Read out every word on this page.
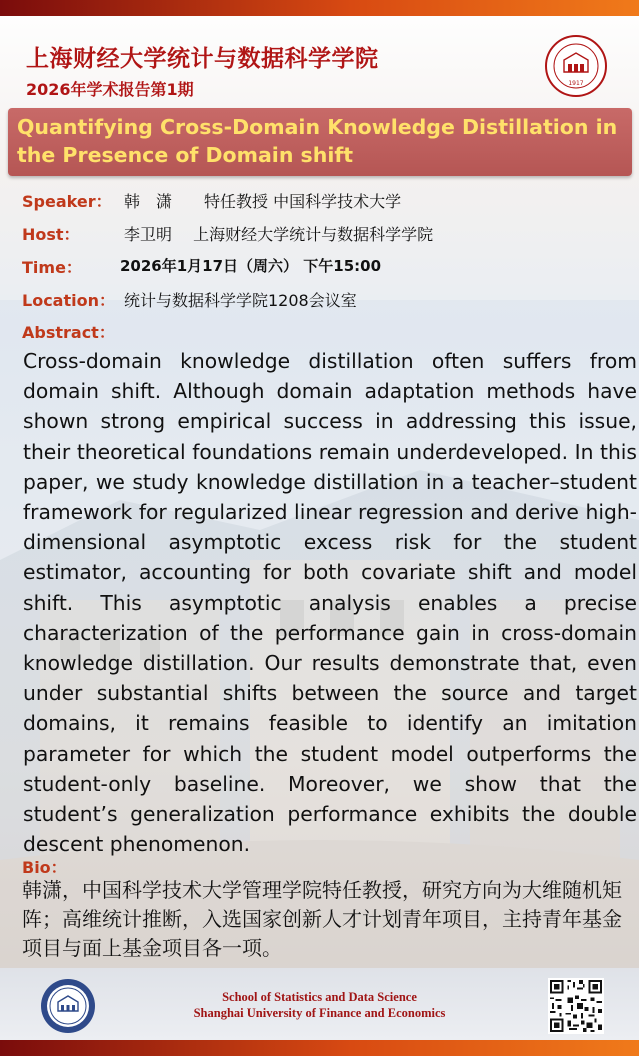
上海财经大学统计与数据科学学院
2026年学术报告第1期	1917
Quantifying Cross-Domain Knowledge Distillation in the Presence of Domain shift
Speaker： 韩　潇　　特任教授 中国科学技术大学
Host：	李卫明　 上海财经大学统计与数据科学学院
Time：	2026年1月17日（周六） 下午15:00
Location： 统计与数据科学学院1208会议室
Abstract：
Cross-domain knowledge distillation often suffers from domain shift. Although domain adaptation methods have shown strong empirical success in addressing this issue, their theoretical foundations remain underdeveloped. In this paper, we study knowledge distillation in a teacher–student framework for regularized linear regression and derive high-dimensional asymptotic excess risk for the student estimator, accounting for both covariate shift and model shift. This asymptotic analysis enables a precise characterization of the performance gain in cross-domain knowledge distillation. Our results demonstrate that, even under substantial shifts between the source and target domains, it remains feasible to identify an imitation parameter for which the student model outperforms the student-only baseline. Moreover, we show that the student’s generalization performance exhibits the double descent phenomenon.
Bio：
韩潇，中国科学技术大学管理学院特任教授，研究方向为大维随机矩阵；高维统计推断，入选国家创新人才计划青年项目，主持青年基金项目与面上基金项目各一项。
School of Statistics and Data Science
Shanghai University of Finance and Economics
